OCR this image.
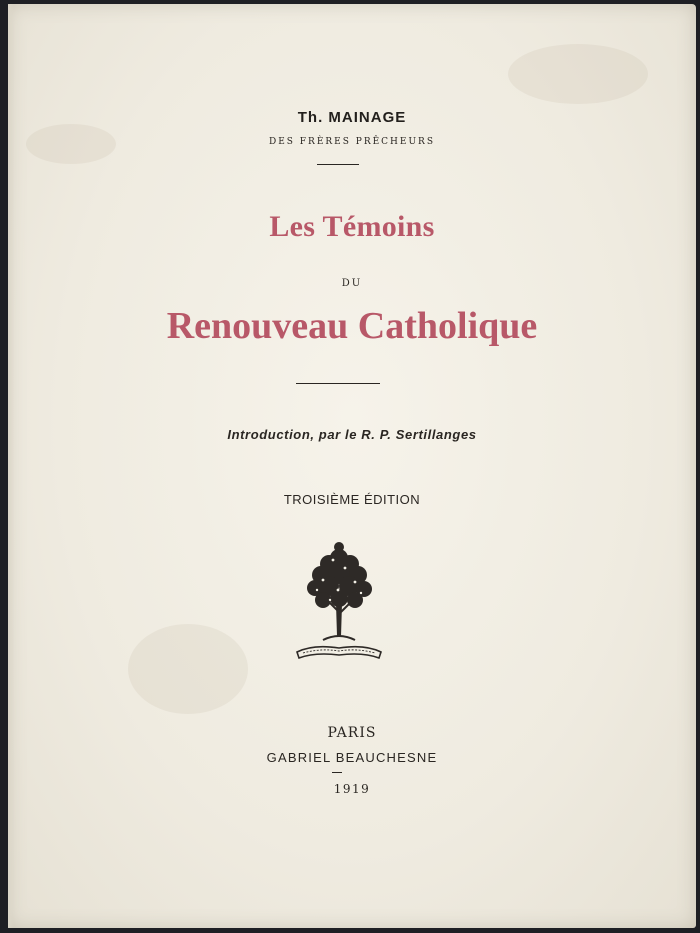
Th. MAINAGE
DES FRÈRES PRÊCHEURS
Les Témoins
DU
Renouveau Catholique
Introduction, par le R. P. Sertillanges
TROISIÈME ÉDITION
PARIS
GABRIEL BEAUCHESNE
1919
